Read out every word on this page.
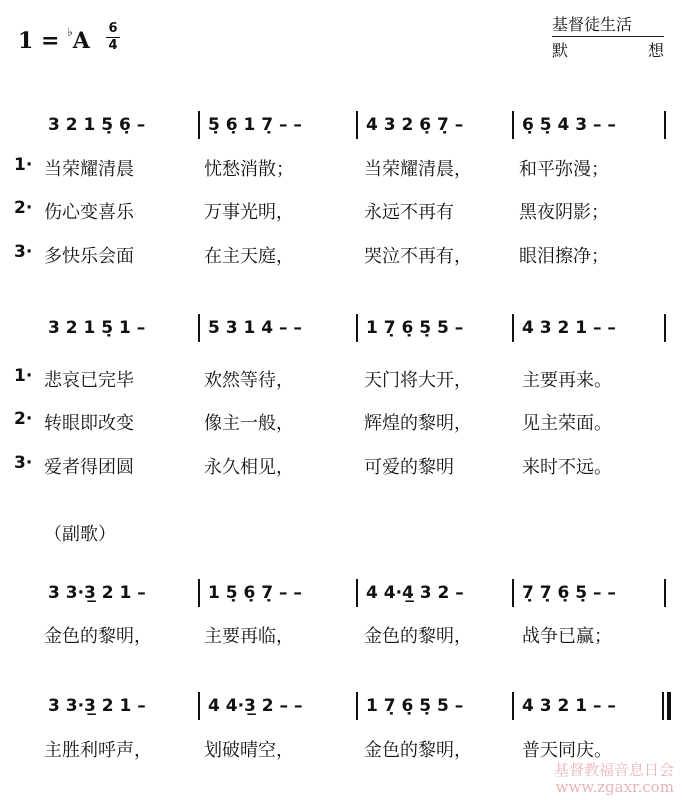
1 = ♭A 6
4
基督徒生活
默	想
3 2 1 5̣ 6̣ –	5̣ 6̣ 1 7̣ – –	4 3 2 6̣ 7̣ –	6̣ 5̣ 4 3 – –
1· 当荣耀清晨	忧愁消散；	当荣耀清晨，	和平弥漫；
2· 伤心变喜乐	万事光明，	永远不再有	黑夜阴影；
3· 多快乐会面	在主天庭，	哭泣不再有，	眼泪擦净；
3 2 1 5̣ 1 –	5 3 1 4 – –	1 7̣ 6̣ 5̣ 5 –	4 3 2 1 – –
1· 悲哀已完毕	欢然等待，	天门将大开，	主要再来。
2· 转眼即改变	像主一般，	辉煌的黎明，	见主荣面。
3· 爱者得团圆	永久相见，	可爱的黎明	来时不远。
（副歌）
3 3·3̲ 2 1 –	1 5̣ 6̣ 7̣ – –	4 4·4̲ 3 2 –	7̣ 7̣ 6̣ 5̣ – –
金色的黎明，	主要再临，	金色的黎明，	战争已赢；
3 3·3̲ 2 1 –	4 4·3̲ 2 – –	1 7̣ 6̣ 5̣ 5 –	4 3 2 1 – –
主胜利呼声，	划破晴空，	金色的黎明，	普天同庆。
基督教福音息日会
www.zgaxr.com
